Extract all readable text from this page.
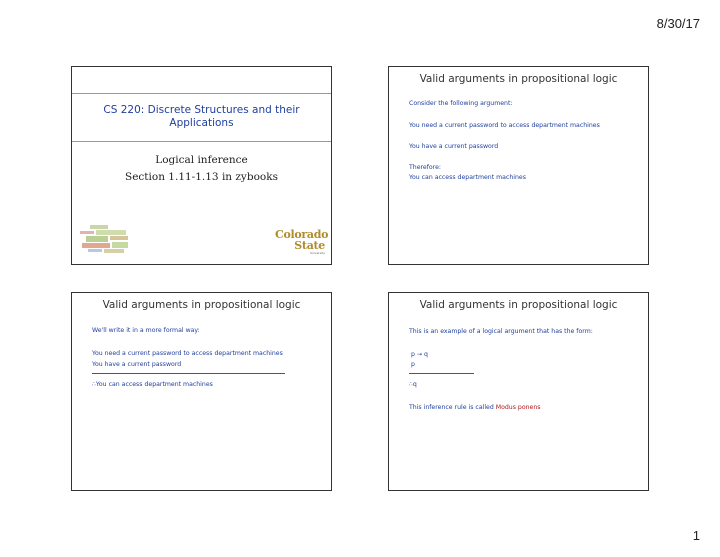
8/30/17
CS 220: Discrete Structures and their Applications
Logical inference
Section 1.11-1.13 in zybooks
Colorado
State
University
Valid arguments in propositional logic
Consider the following argument:
You need a current password to access department machines
You have a current password
Therefore:
You can access department machines
Valid arguments in propositional logic
We'll write it in a more formal way:
You need a current password to access department machines
You have a current password
∴You can access department machines
Valid arguments in propositional logic
This is an example of a logical argument that has the form:
p → q
p
∴q
This inference rule is called Modus ponens
1
